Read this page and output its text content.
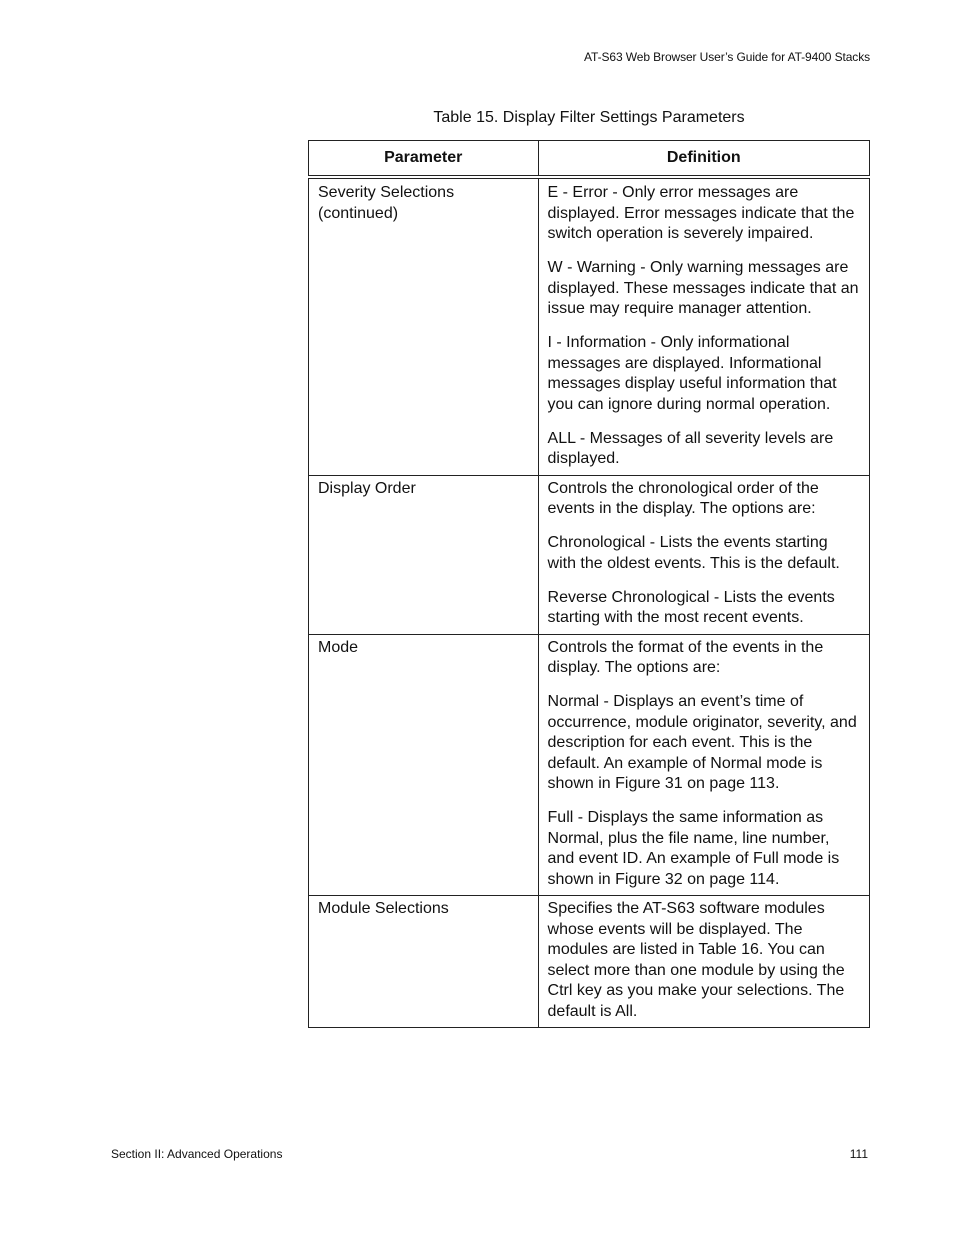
AT-S63 Web Browser User’s Guide for AT-9400 Stacks
Table 15. Display Filter Settings Parameters
Parameter	Definition
Severity Selections (continued)	E - Error - Only error messages are displayed. Error messages indicate that the switch operation is severely impaired.

W - Warning - Only warning messages are displayed. These messages indicate that an issue may require manager attention.

I - Information - Only informational messages are displayed. Informational messages display useful information that you can ignore during normal operation.

ALL - Messages of all severity levels are displayed.

Display Order	Controls the chronological order of the events in the display. The options are:

Chronological - Lists the events starting with the oldest events. This is the default.

Reverse Chronological - Lists the events starting with the most recent events.

Mode	Controls the format of the events in the display. The options are:

Normal - Displays an event’s time of occurrence, module originator, severity, and description for each event. This is the default. An example of Normal mode is shown in Figure 31 on page 113.

Full - Displays the same information as Normal, plus the file name, line number, and event ID. An example of Full mode is shown in Figure 32 on page 114.

Module Selections	Specifies the AT-S63 software modules whose events will be displayed. The modules are listed in Table 16. You can select more than one module by using the Ctrl key as you make your selections. The default is All.

Section II: Advanced Operations	111
